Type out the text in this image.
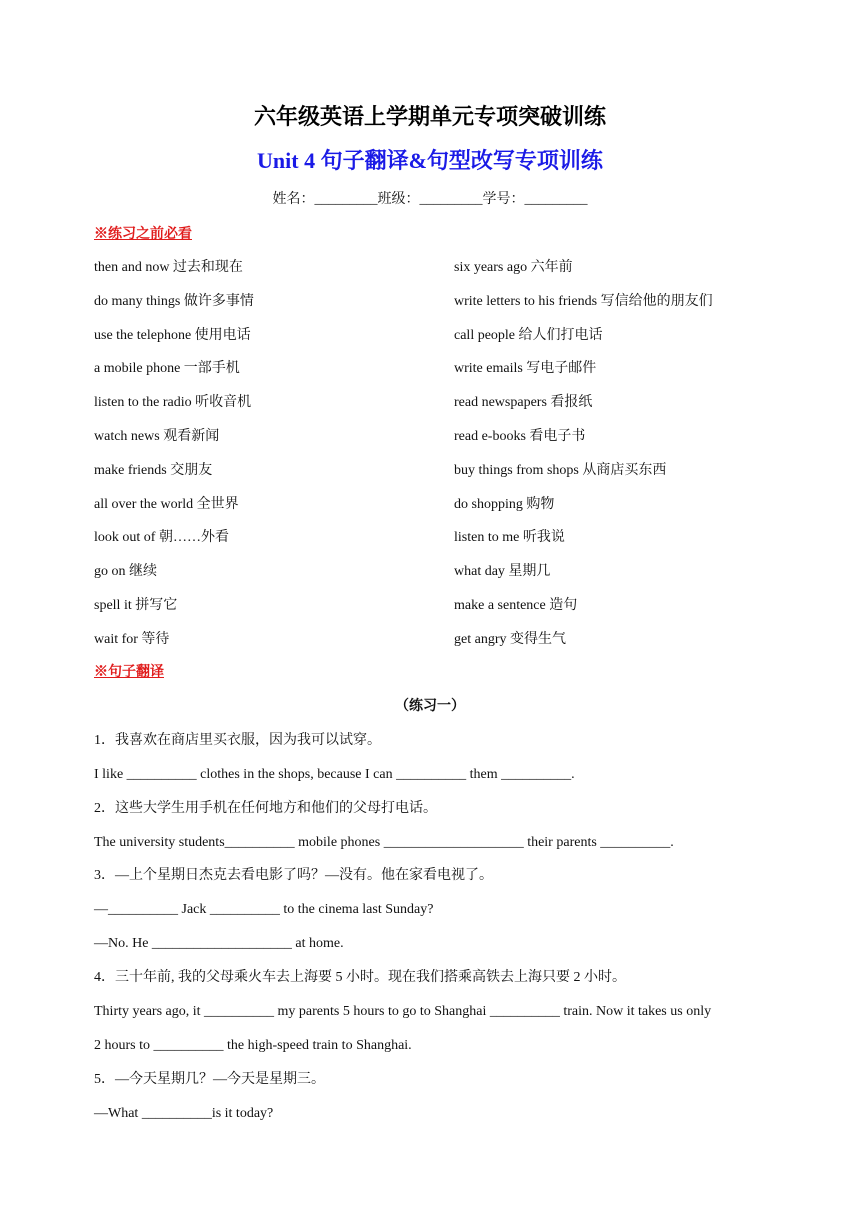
六年级英语上学期单元专项突破训练
Unit 4 句子翻译&句型改写专项训练
姓名：_________班级：_________学号：_________
※练习之前必看
then and now 过去和现在	six years ago 六年前
do many things 做许多事情	write letters to his friends 写信给他的朋友们
use the telephone 使用电话	call people 给人们打电话
a mobile phone 一部手机	write emails 写电子邮件
listen to the radio 听收音机	read newspapers 看报纸
watch news 观看新闻	read e-books 看电子书
make friends 交朋友	buy things from shops 从商店买东西
all over the world 全世界	do shopping 购物
look out of 朝……外看	listen to me 听我说
go on 继续	what day 星期几
spell it 拼写它	make a sentence 造句
wait for 等待	get angry 变得生气
※句子翻译
（练习一）
1．我喜欢在商店里买衣服，因为我可以试穿。
I like __________ clothes in the shops, because I can __________ them __________.
2．这些大学生用手机在任何地方和他们的父母打电话。
The university students__________ mobile phones ____________________ their parents __________.
3．—上个星期日杰克去看电影了吗？—没有。他在家看电视了。
—__________ Jack __________ to the cinema last Sunday?
—No. He ____________________ at home.
4．三十年前, 我的父母乘火车去上海要 5 小时。现在我们搭乘高铁去上海只要 2 小时。
Thirty years ago, it __________ my parents 5 hours to go to Shanghai __________ train. Now it takes us only
2 hours to __________ the high-speed train to Shanghai.
5．—今天星期几？—今天是星期三。
—What __________is it today?
